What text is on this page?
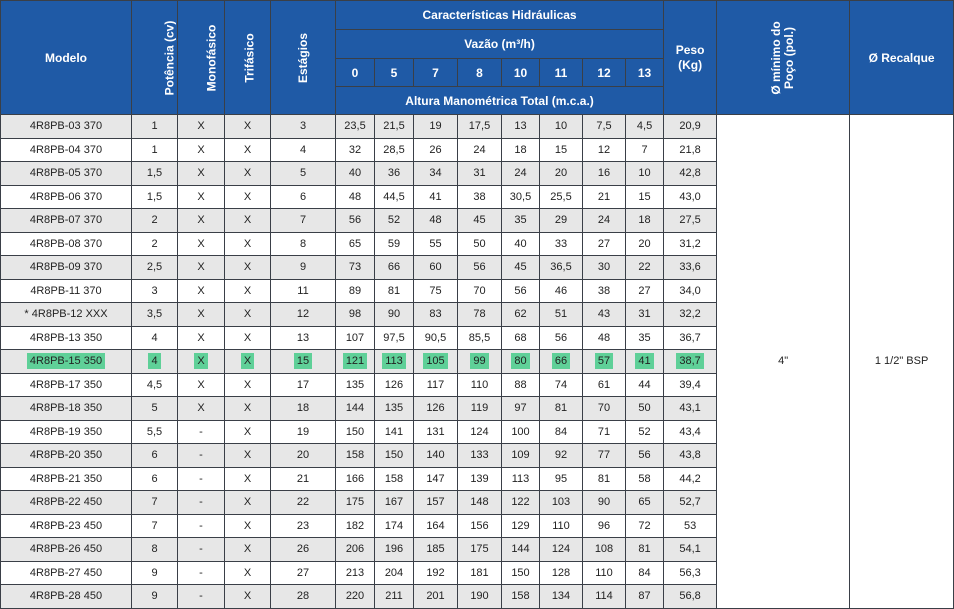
Modelo	Potência (cv)	Monofásico	Trifásico	Estágios	Características Hidráulicas								Peso (Kg)	Ø mínimo do Poço (pol.)	Ø Recalque
					Vazão (m³/h)										
					0	5	7	8	10	11	12	13			
					Altura Manométrica Total (m.c.a.)										
4R8PB-03 370	1	X	X	3	23,5	21,5	19	17,5	13	10	7,5	4,5	20,9	4"	1 1/2" BSP
4R8PB-04 370	1	X	X	4	32	28,5	26	24	18	15	12	7	21,8		
4R8PB-05 370	1,5	X	X	5	40	36	34	31	24	20	16	10	42,8		
4R8PB-06 370	1,5	X	X	6	48	44,5	41	38	30,5	25,5	21	15	43,0		
4R8PB-07 370	2	X	X	7	56	52	48	45	35	29	24	18	27,5		
4R8PB-08 370	2	X	X	8	65	59	55	50	40	33	27	20	31,2		
4R8PB-09 370	2,5	X	X	9	73	66	60	56	45	36,5	30	22	33,6		
4R8PB-11 370	3	X	X	11	89	81	75	70	56	46	38	27	34,0		
* 4R8PB-12 XXX	3,5	X	X	12	98	90	83	78	62	51	43	31	32,2		
4R8PB-13 350	4	X	X	13	107	97,5	90,5	85,5	68	56	48	35	36,7		
4R8PB-15 350	4	X	X	15	121	113	105	99	80	66	57	41	38,7		
4R8PB-17 350	4,5	X	X	17	135	126	117	110	88	74	61	44	39,4		
4R8PB-18 350	5	X	X	18	144	135	126	119	97	81	70	50	43,1		
4R8PB-19 350	5,5	-	X	19	150	141	131	124	100	84	71	52	43,4		
4R8PB-20 350	6	-	X	20	158	150	140	133	109	92	77	56	43,8		
4R8PB-21 350	6	-	X	21	166	158	147	139	113	95	81	58	44,2		
4R8PB-22 450	7	-	X	22	175	167	157	148	122	103	90	65	52,7		
4R8PB-23 450	7	-	X	23	182	174	164	156	129	110	96	72	53		
4R8PB-26 450	8	-	X	26	206	196	185	175	144	124	108	81	54,1		
4R8PB-27 450	9	-	X	27	213	204	192	181	150	128	110	84	56,3		
4R8PB-28 450	9	-	X	28	220	211	201	190	158	134	114	87	56,8		
